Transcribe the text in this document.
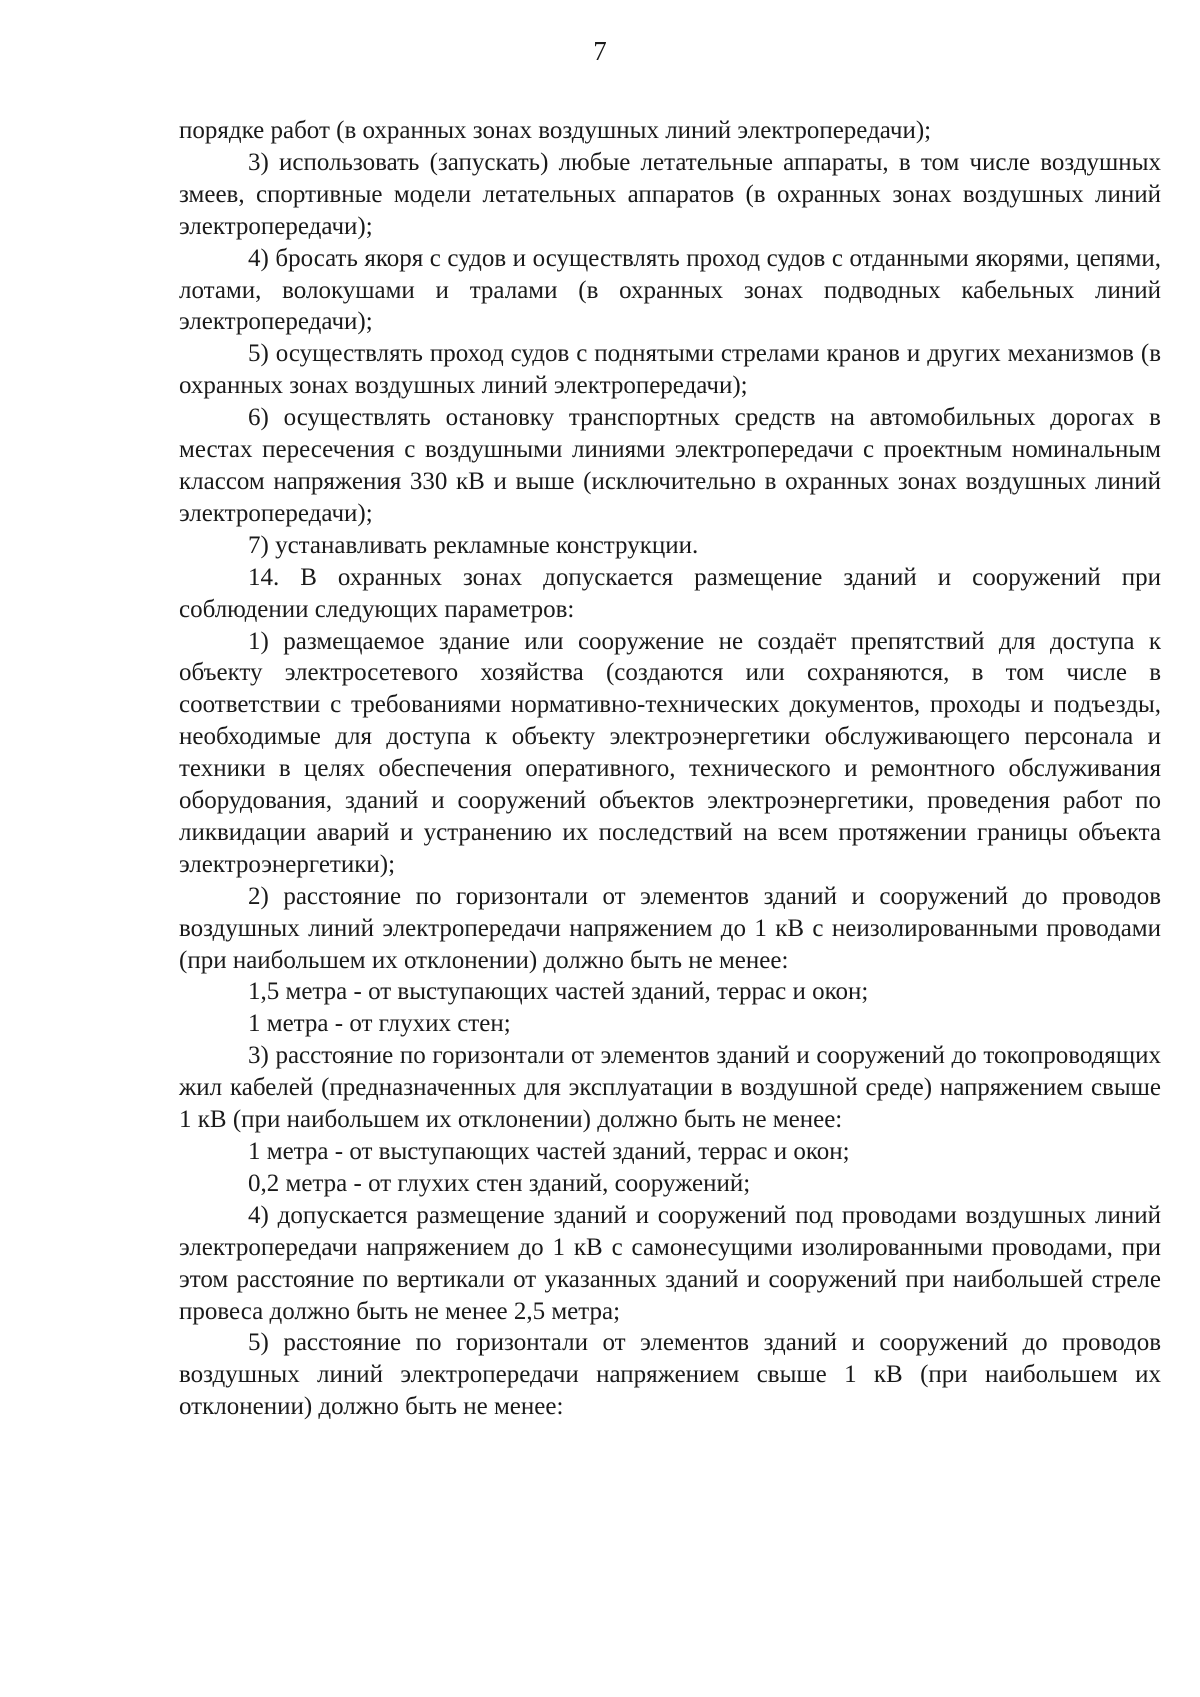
7

порядке работ (в охранных зонах воздушных линий электропередачи);

3) использовать (запускать) любые летательные аппараты, в том числе воздушных змеев, спортивные модели летательных аппаратов (в охранных зонах воздушных линий электропередачи);

4) бросать якоря с судов и осуществлять проход судов с отданными якорями, цепями, лотами, волокушами и тралами (в охранных зонах подводных кабельных линий электропередачи);

5) осуществлять проход судов с поднятыми стрелами кранов и других механизмов (в охранных зонах воздушных линий электропередачи);

6) осуществлять остановку транспортных средств на автомобильных дорогах в местах пересечения с воздушными линиями электропередачи с проектным номинальным классом напряжения 330 кВ и выше (исключительно в охранных зонах воздушных линий электропередачи);

7) устанавливать рекламные конструкции.

14. В охранных зонах допускается размещение зданий и сооружений при соблюдении следующих параметров:

1) размещаемое здание или сооружение не создаёт препятствий для доступа к объекту электросетевого хозяйства (создаются или сохраняются, в том числе в соответствии с требованиями нормативно-технических документов, проходы и подъезды, необходимые для доступа к объекту электроэнергетики обслуживающего персонала и техники в целях обеспечения оперативного, технического и ремонтного обслуживания оборудования, зданий и сооружений объектов электроэнергетики, проведения работ по ликвидации аварий и устранению их последствий на всем протяжении границы объекта электроэнергетики);

2) расстояние по горизонтали от элементов зданий и сооружений до проводов воздушных линий электропередачи напряжением до 1 кВ с неизолированными проводами (при наибольшем их отклонении) должно быть не менее:

1,5 метра - от выступающих частей зданий, террас и окон;

1 метра - от глухих стен;

3) расстояние по горизонтали от элементов зданий и сооружений до токопроводящих жил кабелей (предназначенных для эксплуатации в воздушной среде) напряжением свыше 1 кВ (при наибольшем их отклонении) должно быть не менее:

1 метра - от выступающих частей зданий, террас и окон;

0,2 метра - от глухих стен зданий, сооружений;

4) допускается размещение зданий и сооружений под проводами воздушных линий электропередачи напряжением до 1 кВ с самонесущими изолированными проводами, при этом расстояние по вертикали от указанных зданий и сооружений при наибольшей стреле провеса должно быть не менее 2,5 метра;

5) расстояние по горизонтали от элементов зданий и сооружений до проводов воздушных линий электропередачи напряжением свыше 1 кВ (при наибольшем их отклонении) должно быть не менее:
